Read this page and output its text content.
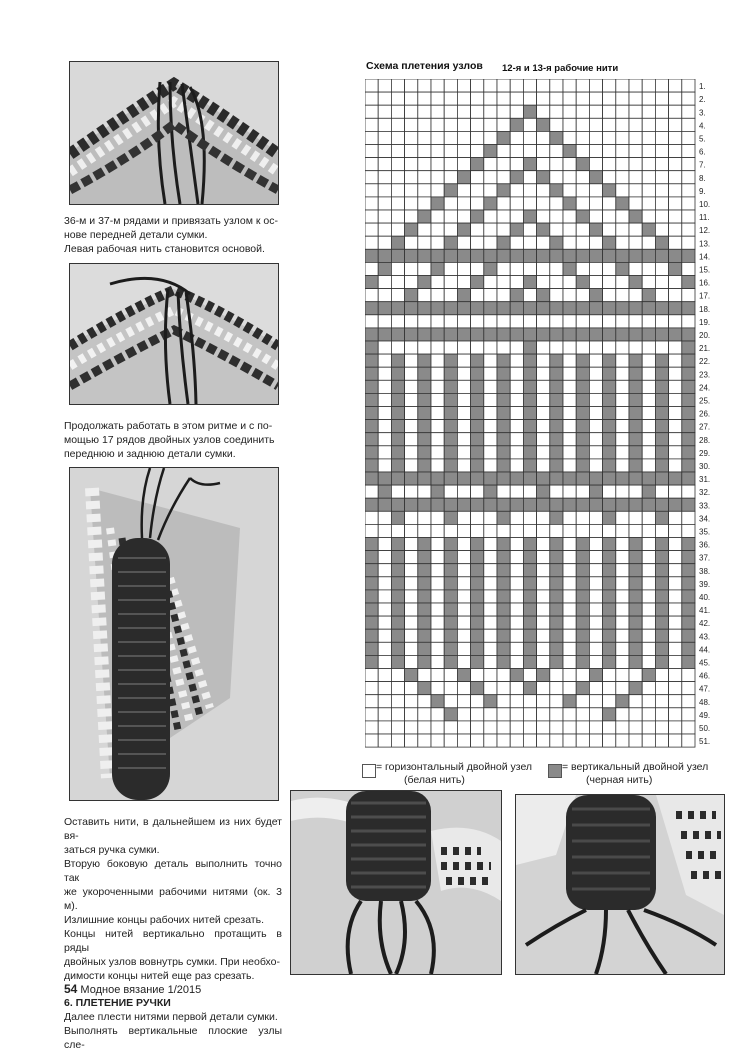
36-м и 37-м рядами и привязать узлом к ос-

нове передней детали сумки.

Левая рабочая нить становится основой.

Продолжать работать в этом ритме и с по-

мощью 17 рядов двойных узлов соединить

переднюю и заднюю детали сумки.

Оставить нити, в дальнейшем из них будет вя-

заться ручка сумки.

Вторую боковую деталь выполнить точно так

же укороченными рабочими нитями (ок. 3 м).

Излишние концы рабочих нитей срезать.

Концы нитей вертикально протащить в ряды

двойных узлов вовнутрь сумки. При необхо-

димости концы нитей еще раз срезать.

6. ПЛЕТЕНИЕ РУЧКИ

Далее плести нитями первой детали сумки.

Выполнять вертикальные плоские узлы сле-

Схема плетения узлов 12-я и 13-я рабочие нити
1.
2.
3.
4.
5.
6.
7.
8.
9.
10.
11.
12.
13.
14.
15.
16.
17.
18.
19.
20.
21.
22.
23.
24.
25.
26.
27.
28.
29.
30.
31.
32.
33.
34.
35.
36.
37.
38.
39.
40.
41.
42.
43.
44.
45.
46.
47.
48.
49.
50.
51.
= горизонтальный двойной узел
(белая нить)
= вертикальный двойной узел
(черная нить)
54 Модное вязание 1/2015
